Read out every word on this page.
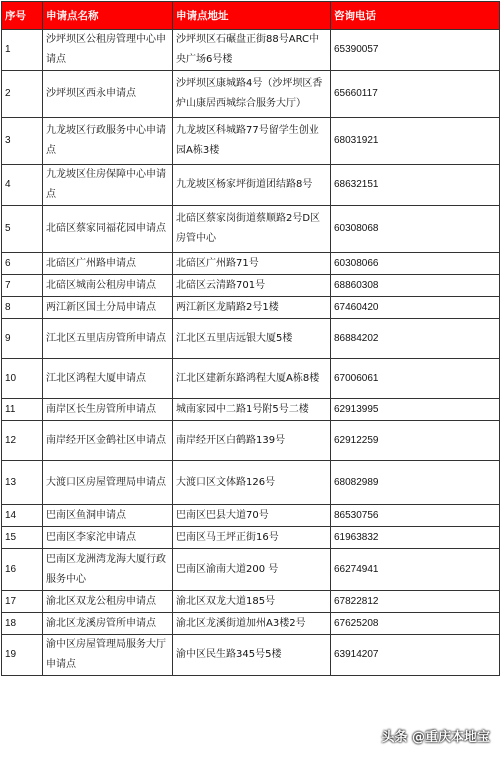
序号	申请点名称	申请点地址	咨询电话
1	沙坪坝区公租房管理中心申请点	沙坪坝区石碾盘正街88号ARC中央广场6号楼	65390057
2	沙坪坝区西永申请点	沙坪坝区康城路4号（沙坪坝区香炉山康居西城综合服务大厅）	65660117
3	九龙坡区行政服务中心申请点	九龙坡区科城路77号留学生创业园A栋3楼	68031921
4	九龙坡区住房保障中心申请点	九龙坡区杨家坪街道团结路8号	68632151
5	北碚区蔡家同福花园申请点	北碚区蔡家岗街道蔡顺路2号D区房管中心	60308068
6	北碚区广州路申请点	北碚区广州路71号	60308066
7	北碚区城南公租房申请点	北碚区云清路701号	68860308
8	两江新区国土分局申请点	两江新区龙睛路2号1楼	67460420
9	江北区五里店房管所申请点	江北区五里店远银大厦5楼	86884202
10	江北区鸿程大厦申请点	江北区建新东路鸿程大厦A栋8楼	67006061
11	南岸区长生房管所申请点	城南家园中二路1号附5号二楼	62913995
12	南岸经开区金鹤社区申请点	南岸经开区白鹤路139号	62912259
13	大渡口区房屋管理局申请点	大渡口区文体路126号	68082989
14	巴南区鱼洞申请点	巴南区巴县大道70号	86530756
15	巴南区李家沱申请点	巴南区马王坪正街16号	61963832
16	巴南区龙洲湾龙海大厦行政服务中心	巴南区渝南大道200 号	66274941
17	渝北区双龙公租房申请点	渝北区双龙大道185号	67822812
18	渝北区龙溪房管所申请点	渝北区龙溪街道加州A3楼2号	67625208
19	渝中区房屋管理局服务大厅申请点	渝中区民生路345号5楼	63914207
头条 @重庆本地宝
